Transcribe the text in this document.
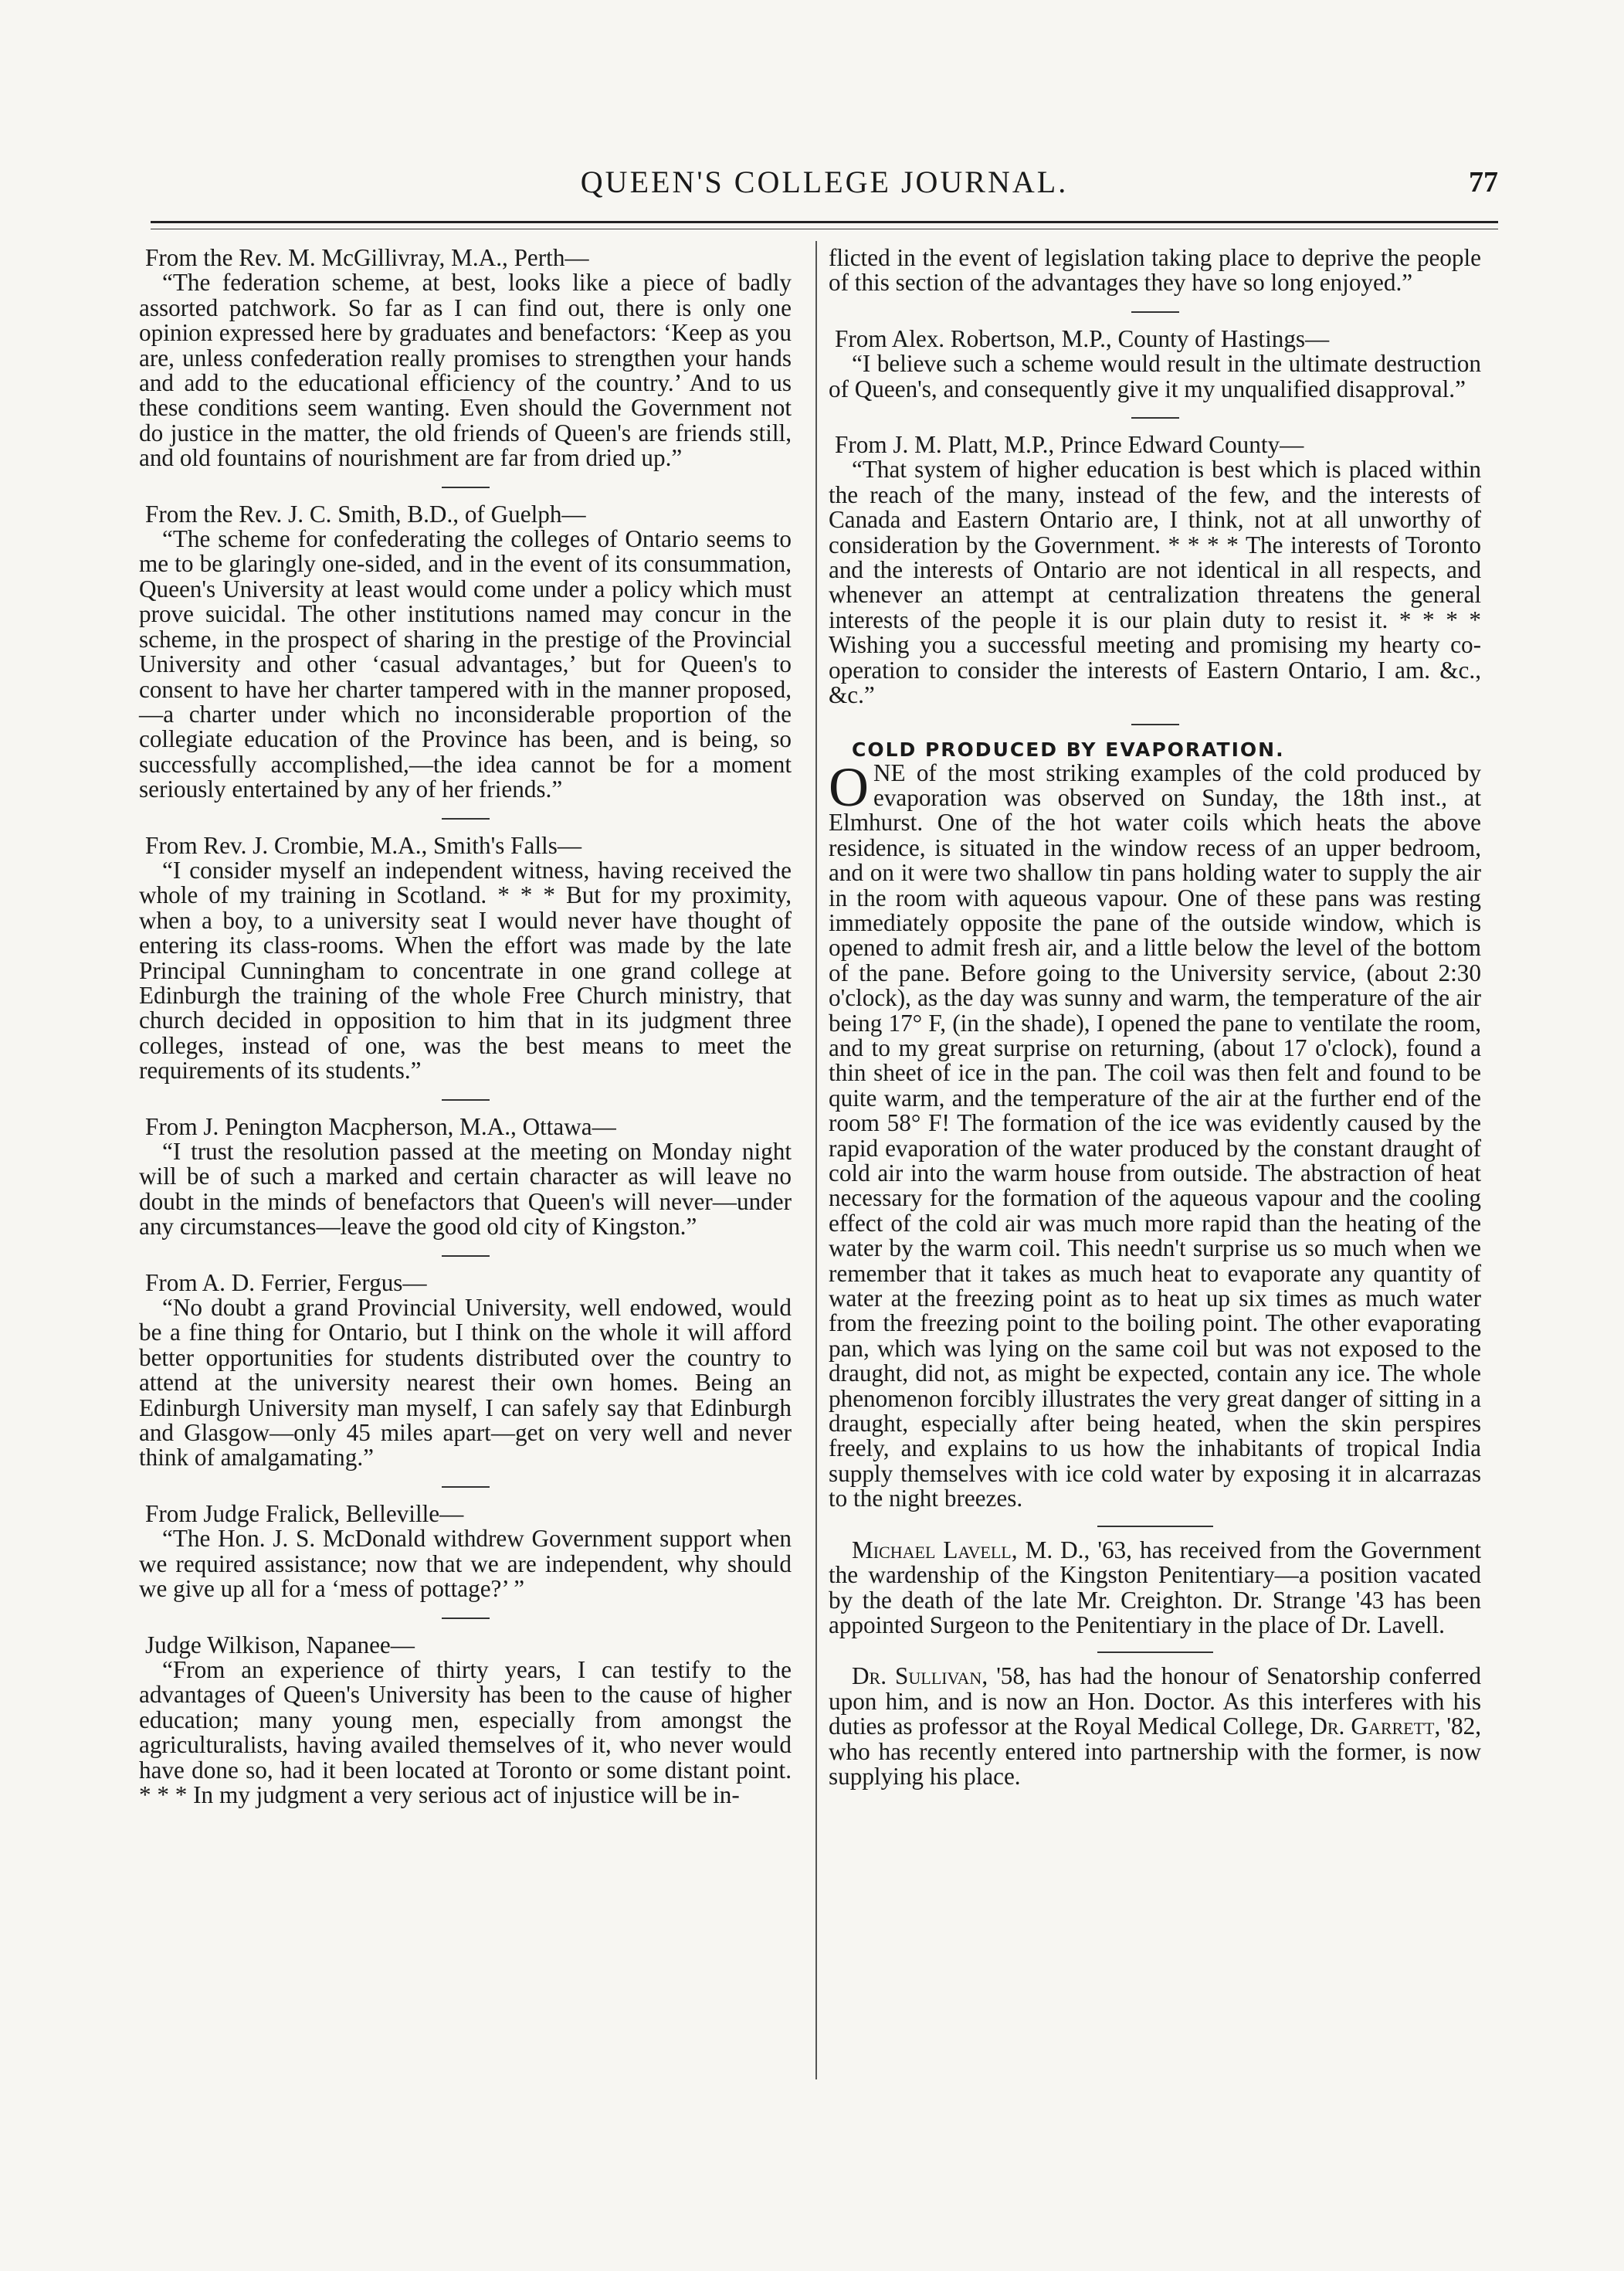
QUEEN'S COLLEGE JOURNAL.	77

From the Rev. M. McGillivray, M.A., Perth—

“The federation scheme, at best, looks like a piece of badly assorted patchwork. So far as I can find out, there is only one opinion expressed here by graduates and benefactors: ‘Keep as you are, unless confederation really promises to strengthen your hands and add to the educational efficiency of the country.’ And to us these conditions seem wanting. Even should the Government not do justice in the matter, the old friends of Queen's are friends still, and old fountains of nourishment are far from dried up.”

From the Rev. J. C. Smith, B.D., of Guelph—

“The scheme for confederating the colleges of Ontario seems to me to be glaringly one-sided, and in the event of its consummation, Queen's University at least would come under a policy which must prove suicidal. The other institutions named may concur in the scheme, in the prospect of sharing in the prestige of the Provincial University and other ‘casual advantages,’ but for Queen's to consent to have her charter tampered with in the manner proposed,—a charter under which no inconsiderable proportion of the collegiate education of the Province has been, and is being, so successfully accomplished,—the idea cannot be for a moment seriously entertained by any of her friends.”

From Rev. J. Crombie, M.A., Smith's Falls—

“I consider myself an independent witness, having received the whole of my training in Scotland. * * * But for my proximity, when a boy, to a university seat I would never have thought of entering its class-rooms. When the effort was made by the late Principal Cunningham to concentrate in one grand college at Edinburgh the training of the whole Free Church ministry, that church decided in opposition to him that in its judgment three colleges, instead of one, was the best means to meet the requirements of its students.”

From J. Penington Macpherson, M.A., Ottawa—

“I trust the resolution passed at the meeting on Monday night will be of such a marked and certain character as will leave no doubt in the minds of benefactors that Queen's will never—under any circumstances—leave the good old city of Kingston.”

From A. D. Ferrier, Fergus—

“No doubt a grand Provincial University, well endowed, would be a fine thing for Ontario, but I think on the whole it will afford better opportunities for students distributed over the country to attend at the university nearest their own homes. Being an Edinburgh University man myself, I can safely say that Edinburgh and Glasgow—only 45 miles apart—get on very well and never think of amalgamating.”

From Judge Fralick, Belleville—

“The Hon. J. S. McDonald withdrew Government support when we required assistance; now that we are independent, why should we give up all for a ‘mess of pottage?’ ”

Judge Wilkison, Napanee—

“From an experience of thirty years, I can testify to the advantages of Queen's University has been to the cause of higher education; many young men, especially from amongst the agriculturalists, having availed themselves of it, who never would have done so, had it been located at Toronto or some distant point. * * * In my judgment a very serious act of injustice will be in-

flicted in the event of legislation taking place to deprive the people of this section of the advantages they have so long enjoyed.”

From Alex. Robertson, M.P., County of Hastings—

“I believe such a scheme would result in the ultimate destruction of Queen's, and consequently give it my unqualified disapproval.”

From J. M. Platt, M.P., Prince Edward County—

“That system of higher education is best which is placed within the reach of the many, instead of the few, and the interests of Canada and Eastern Ontario are, I think, not at all unworthy of consideration by the Government. * * * * The interests of Toronto and the interests of Ontario are not identical in all respects, and whenever an attempt at centralization threatens the general interests of the people it is our plain duty to resist it. * * * * Wishing you a successful meeting and promising my hearty co-operation to consider the interests of Eastern Ontario, I am. &c., &c.”

COLD PRODUCED BY EVAPORATION.

ONE of the most striking examples of the cold produced by evaporation was observed on Sunday, the 18th inst., at Elmhurst. One of the hot water coils which heats the above residence, is situated in the window recess of an upper bedroom, and on it were two shallow tin pans holding water to supply the air in the room with aqueous vapour. One of these pans was resting immediately opposite the pane of the outside window, which is opened to admit fresh air, and a little below the level of the bottom of the pane. Before going to the University service, (about 2:30 o'clock), as the day was sunny and warm, the temperature of the air being 17° F, (in the shade), I opened the pane to ventilate the room, and to my great surprise on returning, (about 17 o'clock), found a thin sheet of ice in the pan. The coil was then felt and found to be quite warm, and the temperature of the air at the further end of the room 58° F! The formation of the ice was evidently caused by the rapid evaporation of the water produced by the constant draught of cold air into the warm house from outside. The abstraction of heat necessary for the formation of the aqueous vapour and the cooling effect of the cold air was much more rapid than the heating of the water by the warm coil. This needn't surprise us so much when we remember that it takes as much heat to evaporate any quantity of water at the freezing point as to heat up six times as much water from the freezing point to the boiling point. The other evaporating pan, which was lying on the same coil but was not exposed to the draught, did not, as might be expected, contain any ice. The whole phenomenon forcibly illustrates the very great danger of sitting in a draught, especially after being heated, when the skin perspires freely, and explains to us how the inhabitants of tropical India supply themselves with ice cold water by exposing it in alcarrazas to the night breezes.

Michael Lavell, M. D., '63, has received from the Government the wardenship of the Kingston Penitentiary—a position vacated by the death of the late Mr. Creighton. Dr. Strange '43 has been appointed Surgeon to the Penitentiary in the place of Dr. Lavell.

Dr. Sullivan, '58, has had the honour of Senatorship conferred upon him, and is now an Hon. Doctor. As this interferes with his duties as professor at the Royal Medical College, Dr. Garrett, '82, who has recently entered into partnership with the former, is now supplying his place.
